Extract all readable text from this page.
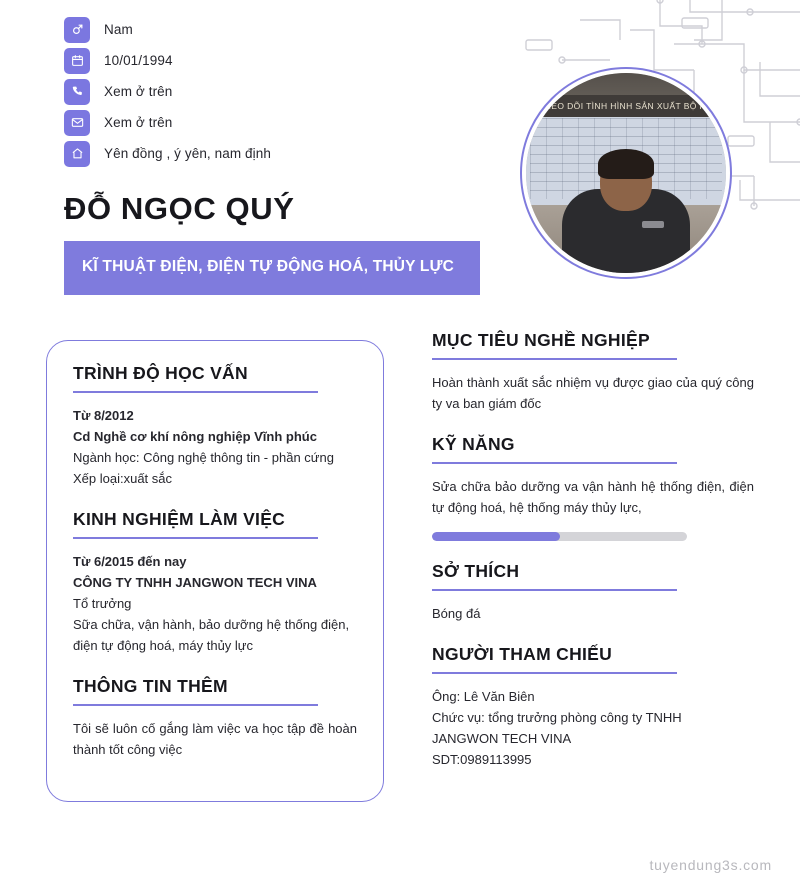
Nam
10/01/1994
Xem ở trên
Xem ở trên
Yên đồng , ý yên, nam định
ĐỖ NGỌC QUÝ
KĨ THUẬT ĐIỆN, ĐIỆN TỰ ĐỘNG HOÁ, THỦY LỰC
THEO DÕI TÌNH HÌNH SẢN XUẤT BỘ P...
TRÌNH ĐỘ HỌC VẤN
Từ 8/2012
Cd Nghề cơ khí nông nghiệp Vĩnh phúc
Ngành học: Công nghệ thông tin - phần cứng
Xếp loại:xuất sắc
KINH NGHIỆM LÀM VIỆC
Từ 6/2015 đến nay
CÔNG TY TNHH JANGWON TECH VINA
Tổ trưởng
Sữa chữa, vận hành, bảo dưỡng hệ thống điện,
điện tự động hoá, máy thủy lực
THÔNG TIN THÊM
Tôi sẽ luôn cố gắng làm việc va học tập đề hoàn thành tốt công việc
MỤC TIÊU NGHỀ NGHIỆP
Hoàn thành xuất sắc nhiệm vụ được giao của quý công ty va ban giám đốc
KỸ NĂNG
Sửa chữa bảo dưỡng va vận hành hệ thống điện, điện tự động hoá, hệ thống máy thủy lực,
SỞ THÍCH
Bóng đá
NGƯỜI THAM CHIẾU
Ông: Lê Văn Biên
Chức vụ: tổng trưởng phòng công ty TNHH
JANGWON TECH VINA
SDT:0989113995
tuyendung3s.com
